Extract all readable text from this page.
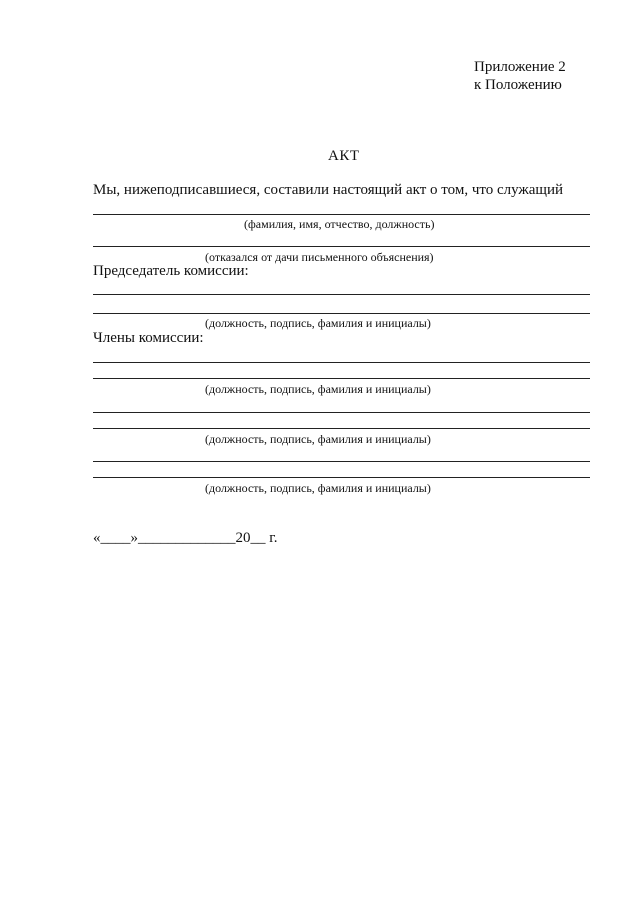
Приложение 2
к Положению
АКТ
Мы, нижеподписавшиеся, составили настоящий акт о том, что служащий
(фамилия, имя, отчество, должность)
(отказался от дачи письменного объяснения)
Председатель комиссии:
(должность, подпись, фамилия и инициалы)
Члены комиссии:
(должность, подпись, фамилия и инициалы)
(должность, подпись, фамилия и инициалы)
(должность, подпись, фамилия и инициалы)
«____»_____________20__ г.
